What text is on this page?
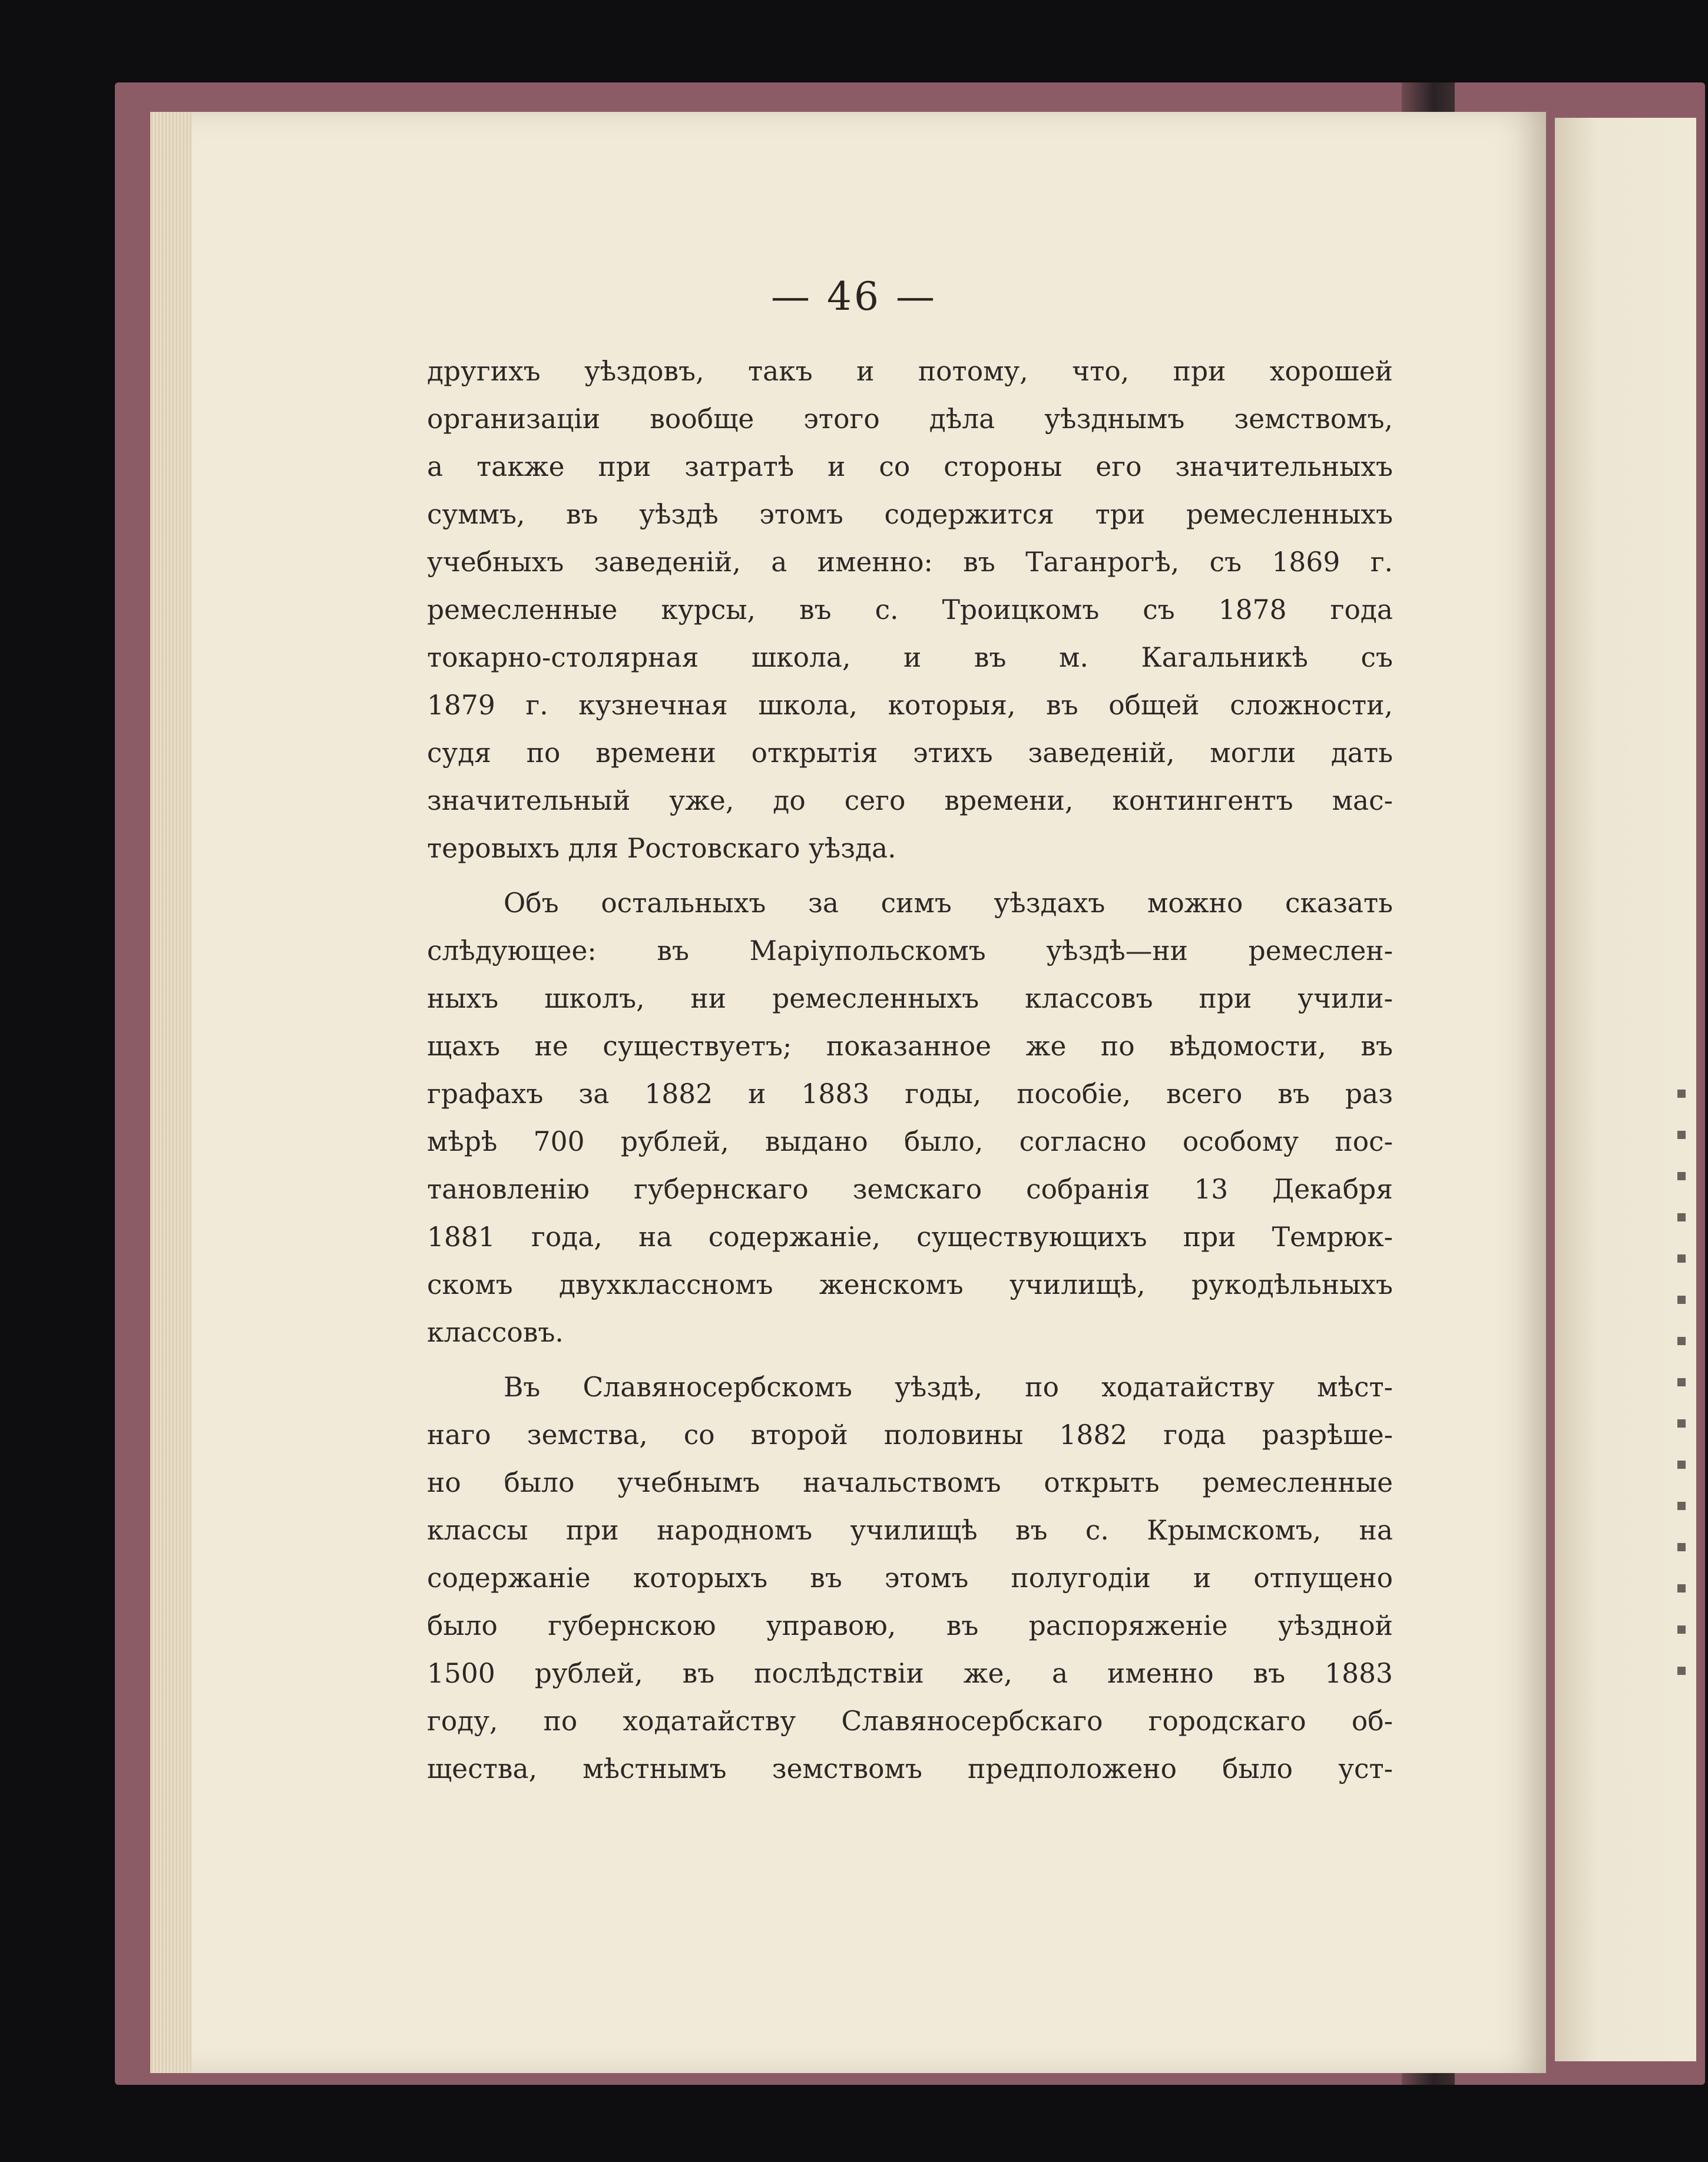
— 46 —
другихъ уѣздовъ, такъ и потому, что, при хорошей
организаціи вообще этого дѣла уѣзднымъ земствомъ,
а также при затратѣ и со стороны его значительныхъ
суммъ, въ уѣздѣ этомъ содержится три ремесленныхъ
учебныхъ заведеній, а именно: въ Таганрогѣ, съ 1869 г.
ремесленные курсы, въ с. Троицкомъ съ 1878 года
токарно-столярная школа, и въ м. Кагальникѣ съ
1879 г. кузнечная школа, которыя, въ общей сложности,
судя по времени открытія этихъ заведеній, могли дать
значительный уже, до сего времени, контингентъ мас-
теровыхъ для Ростовскаго уѣзда.
Объ остальныхъ за симъ уѣздахъ можно сказать
слѣдующее: въ Маріупольскомъ уѣздѣ—ни ремеслен-
ныхъ школъ, ни ремесленныхъ классовъ при учили-
щахъ не существуетъ; показанное же по вѣдомости, въ
графахъ за 1882 и 1883 годы, пособіе, всего въ раз
мѣрѣ 700 рублей, выдано было, согласно особому пос-
тановленію губернскаго земскаго собранія 13 Декабря
1881 года, на содержаніе, существующихъ при Темрюк-
скомъ двухклассномъ женскомъ училищѣ, рукодѣльныхъ
классовъ.
Въ Славяносербскомъ уѣздѣ, по ходатайству мѣст-
наго земства, со второй половины 1882 года разрѣше-
но было учебнымъ начальствомъ открыть ремесленные
классы при народномъ училищѣ въ с. Крымскомъ, на
содержаніе которыхъ въ этомъ полугодіи и отпущено
было губернскою управою, въ распоряженіе уѣздной
1500 рублей, въ послѣдствіи же, а именно въ 1883
году, по ходатайству Славяносербскаго городскаго об-
щества, мѣстнымъ земствомъ предположено было уст-
